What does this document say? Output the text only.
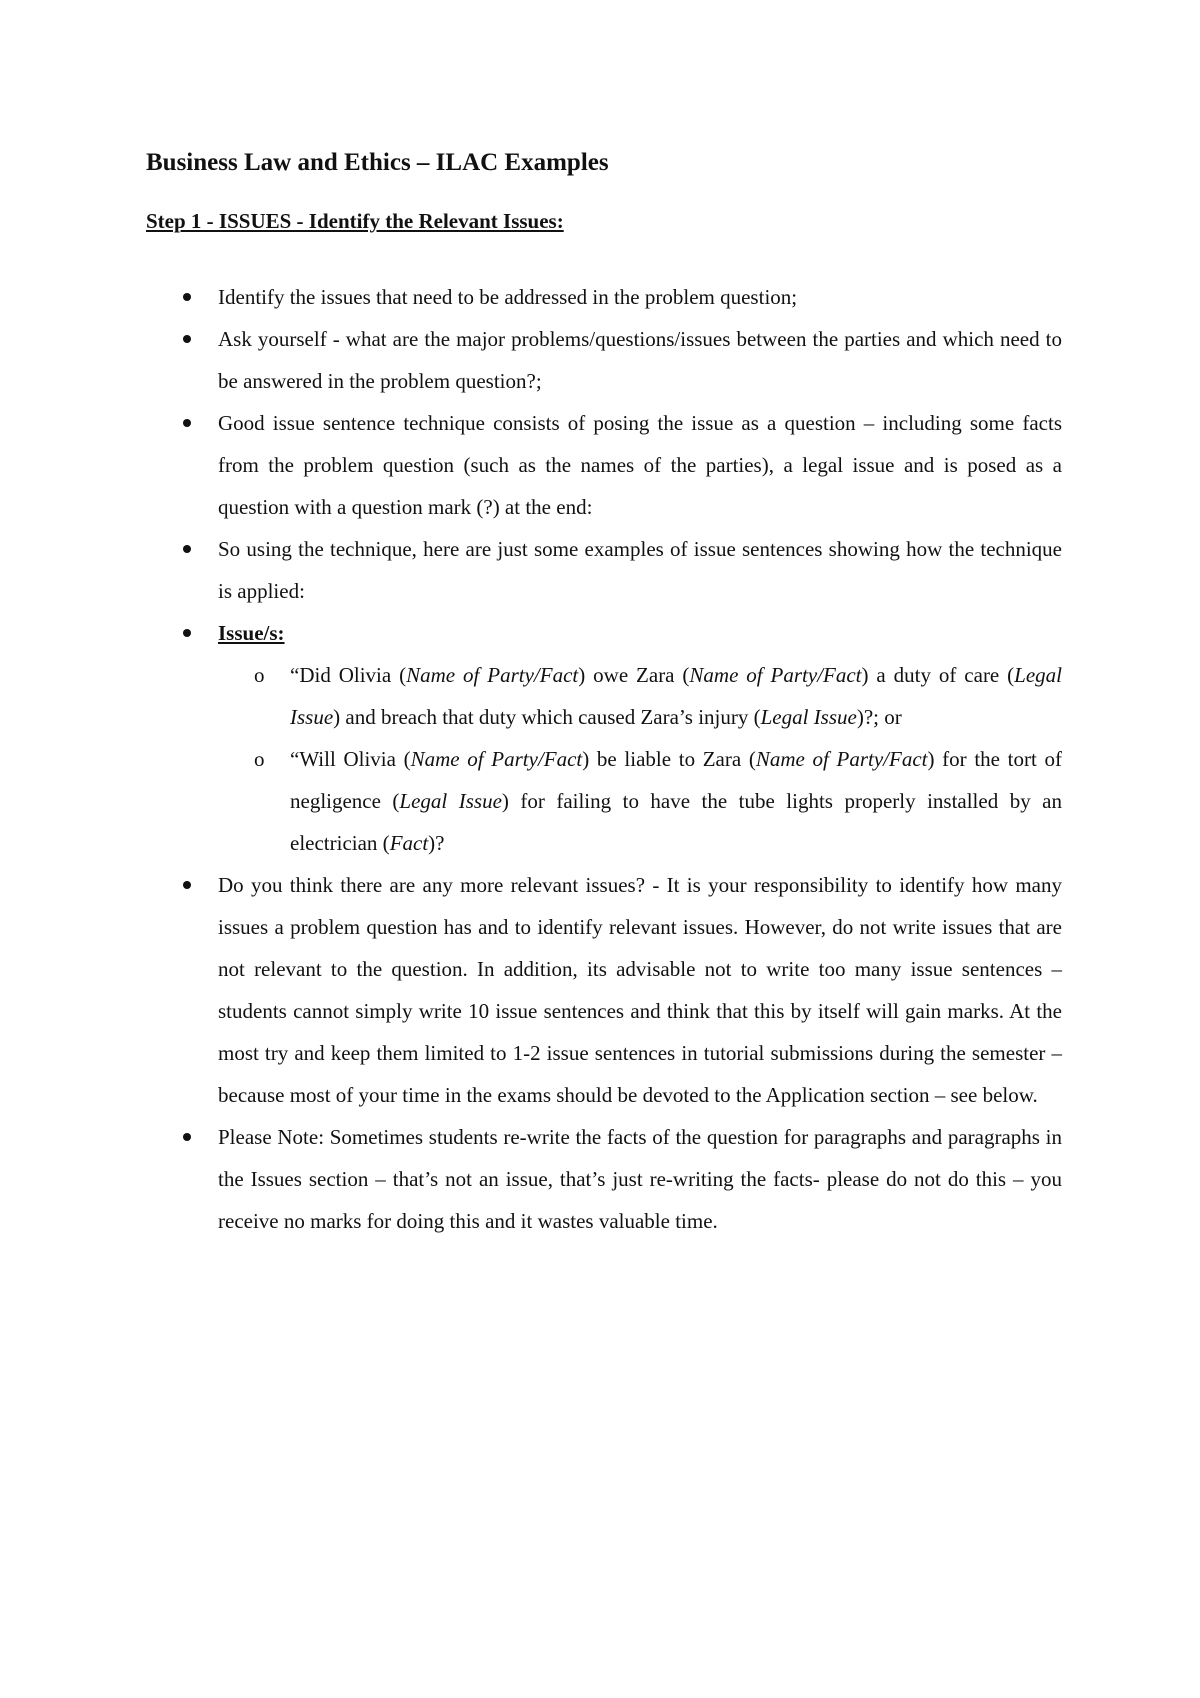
Business Law and Ethics – ILAC Examples
Step 1 - ISSUES - Identify the Relevant Issues:
Identify the issues that need to be addressed in the problem question;
Ask yourself - what are the major problems/questions/issues between the parties and which need to be answered in the problem question?;
Good issue sentence technique consists of posing the issue as a question – including some facts from the problem question (such as the names of the parties), a legal issue and is posed as a question with a question mark (?) at the end:
So using the technique, here are just some examples of issue sentences showing how the technique is applied:
Issue/s:
o “Did Olivia (Name of Party/Fact) owe Zara (Name of Party/Fact) a duty of care (Legal Issue) and breach that duty which caused Zara’s injury (Legal Issue)?; or
o “Will Olivia (Name of Party/Fact) be liable to Zara (Name of Party/Fact) for the tort of negligence (Legal Issue) for failing to have the tube lights properly installed by an electrician (Fact)?
Do you think there are any more relevant issues? - It is your responsibility to identify how many issues a problem question has and to identify relevant issues. However, do not write issues that are not relevant to the question. In addition, its advisable not to write too many issue sentences – students cannot simply write 10 issue sentences and think that this by itself will gain marks. At the most try and keep them limited to 1-2 issue sentences in tutorial submissions during the semester – because most of your time in the exams should be devoted to the Application section – see below.
Please Note: Sometimes students re-write the facts of the question for paragraphs and paragraphs in the Issues section – that’s not an issue, that’s just re-writing the facts- please do not do this – you receive no marks for doing this and it wastes valuable time.
